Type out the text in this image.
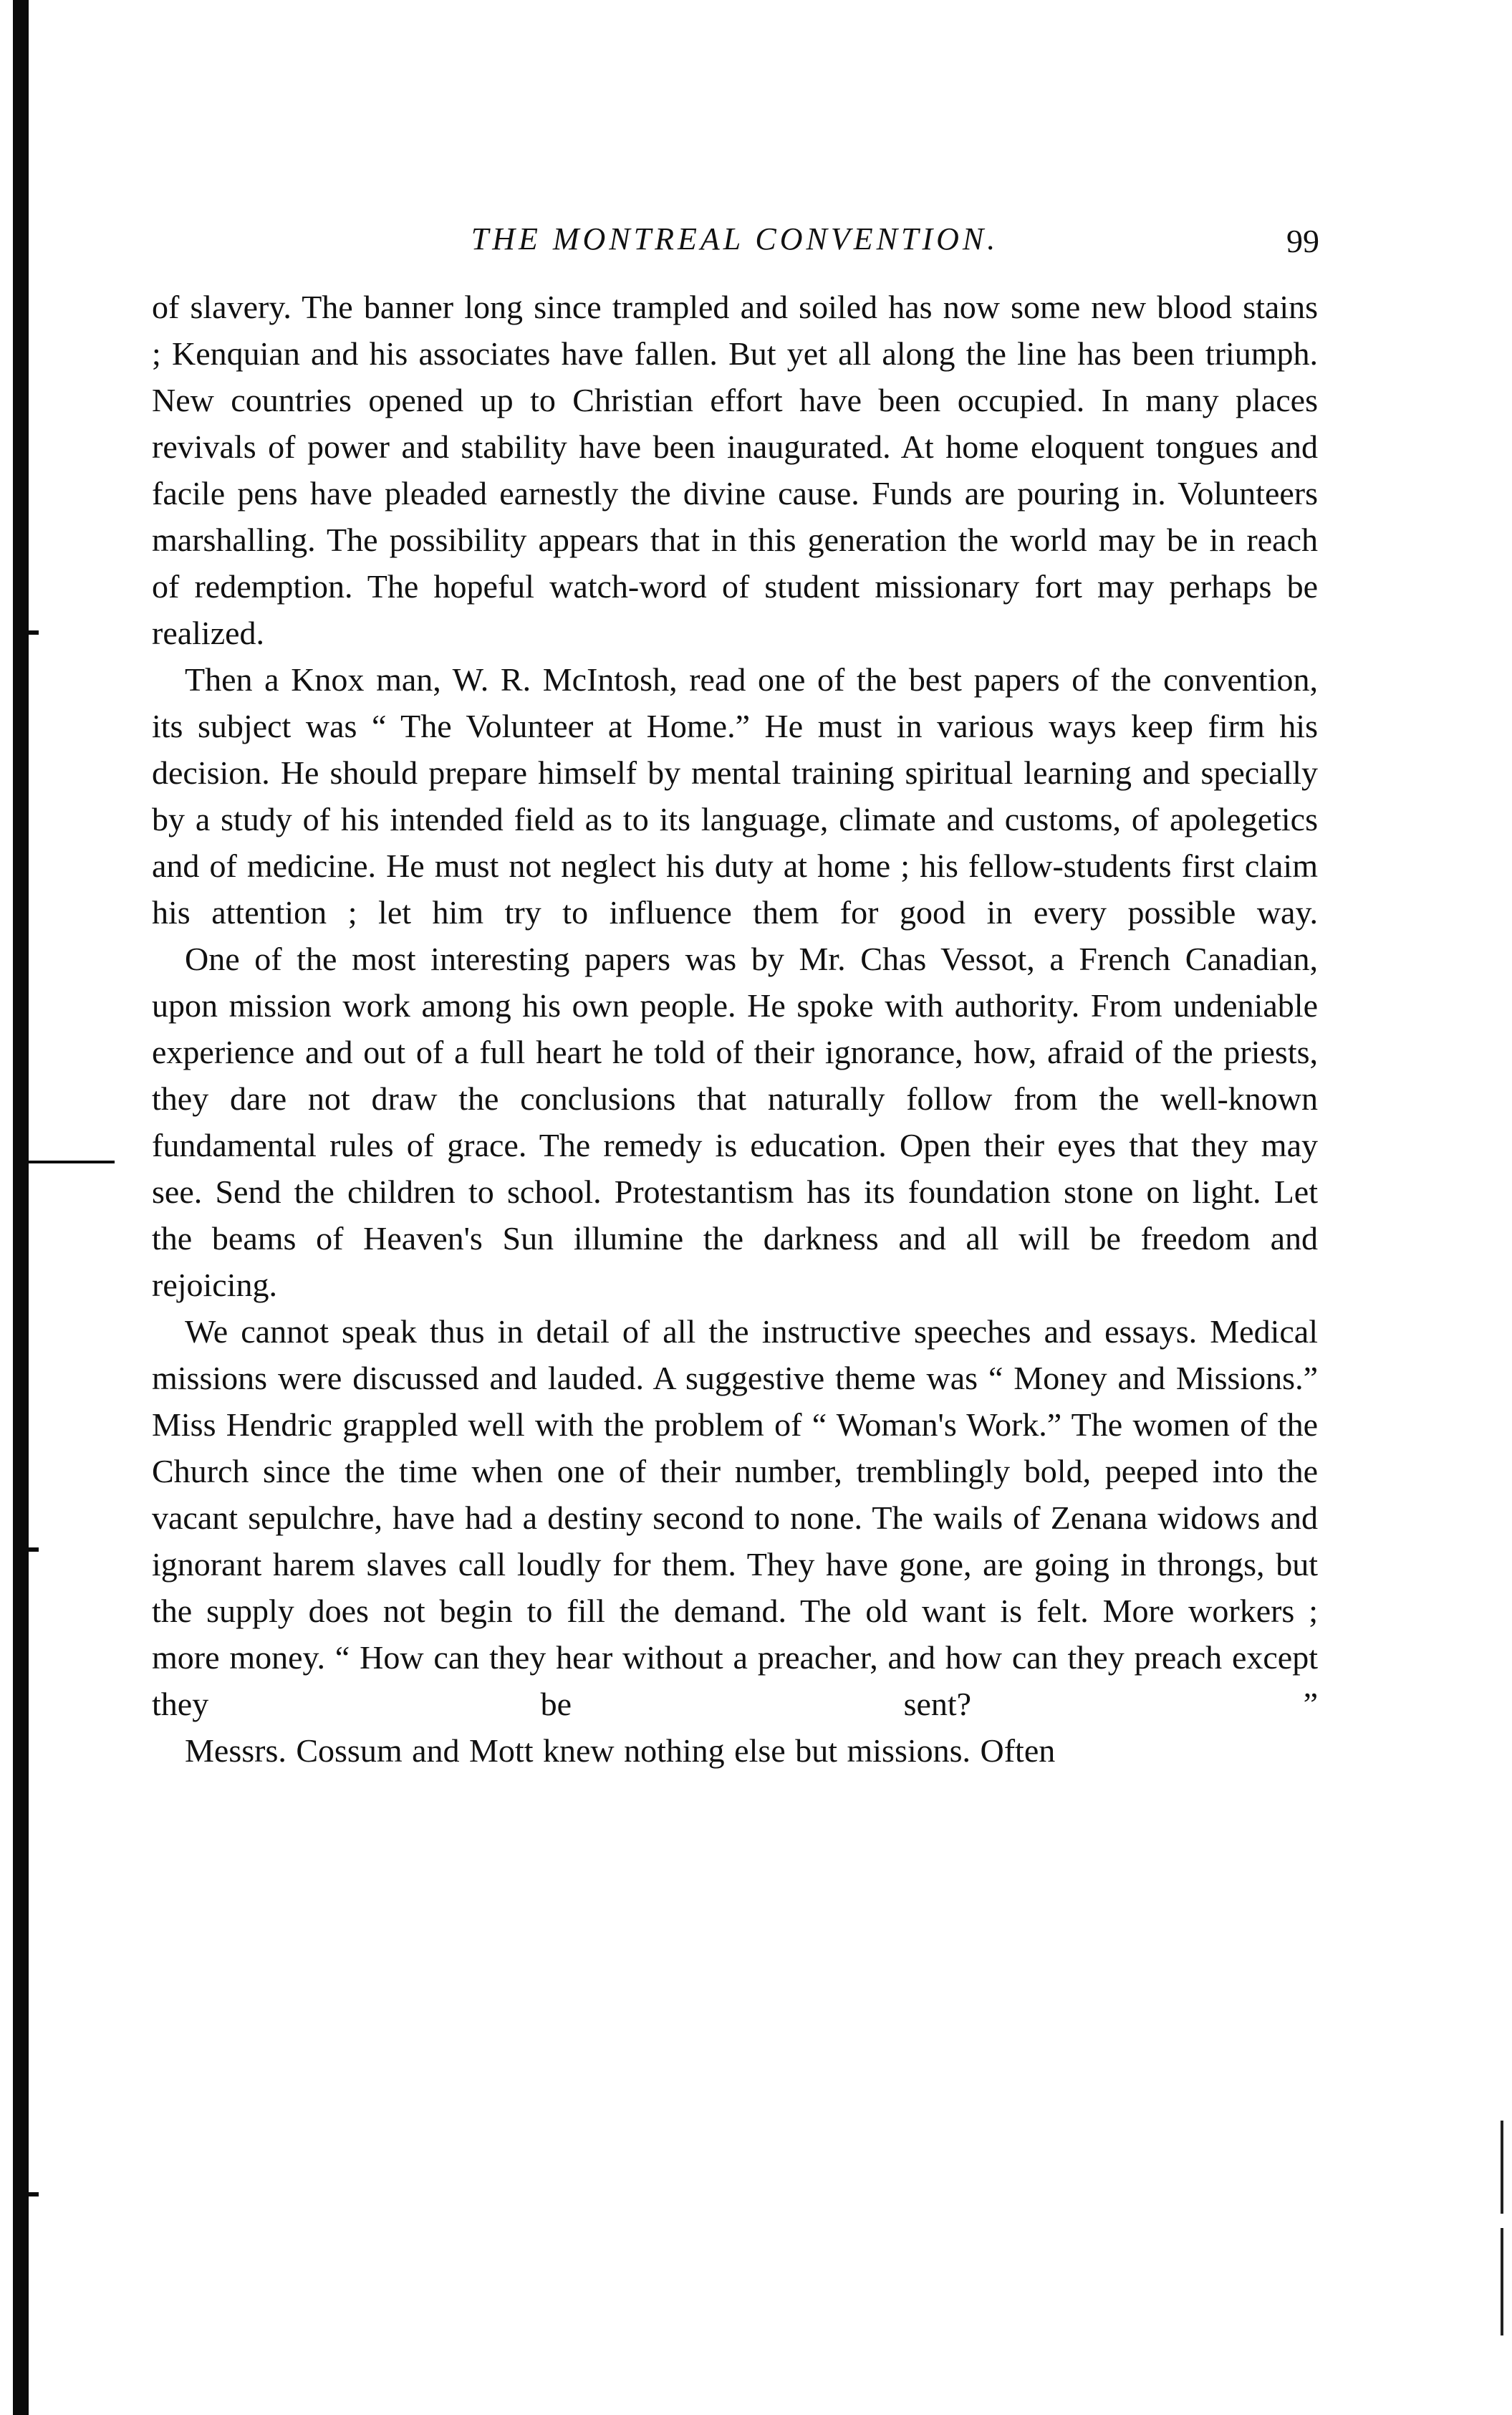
THE MONTREAL CONVENTION.	99

of slavery. The banner long since trampled and soiled has now some new blood stains ; Kenquian and his associates have fallen. But yet all along the line has been triumph. New countries opened up to Christian effort have been occupied. In many places revivals of power and stability have been inaugurated. At home eloquent tongues and facile pens have pleaded earnestly the divine cause. Funds are pouring in. Volunteers marshalling. The possibility appears that in this generation the world may be in reach of redemption. The hopeful watch-word of student missionary fort may perhaps be realized.

Then a Knox man, W. R. McIntosh, read one of the best papers of the convention, its subject was “ The Volunteer at Home.” He must in various ways keep firm his decision. He should prepare himself by mental training spiritual learning and specially by a study of his intended field as to its language, climate and customs, of apolegetics and of medicine. He must not neglect his duty at home ; his fellow-students first claim his attention ; let him try to influence them for good in every possible way.

One of the most interesting papers was by Mr. Chas Vessot, a French Canadian, upon mission work among his own people. He spoke with authority. From undeniable experience and out of a full heart he told of their ignorance, how, afraid of the priests, they dare not draw the conclusions that naturally follow from the well-known fundamental rules of grace. The remedy is education. Open their eyes that they may see. Send the children to school. Protestantism has its foundation stone on light. Let the beams of Heaven's Sun illumine the darkness and all will be freedom and rejoicing.

We cannot speak thus in detail of all the instructive speeches and essays. Medical missions were discussed and lauded. A suggestive theme was “ Money and Missions.” Miss Hendric grappled well with the problem of “ Woman's Work.” The women of the Church since the time when one of their number, tremblingly bold, peeped into the vacant sepulchre, have had a destiny second to none. The wails of Zenana widows and ignorant harem slaves call loudly for them. They have gone, are going in throngs, but the supply does not begin to fill the demand. The old want is felt. More workers ; more money. “ How can they hear without a preacher, and how can they preach except they be sent? ”

Messrs. Cossum and Mott knew nothing else but missions. Often
